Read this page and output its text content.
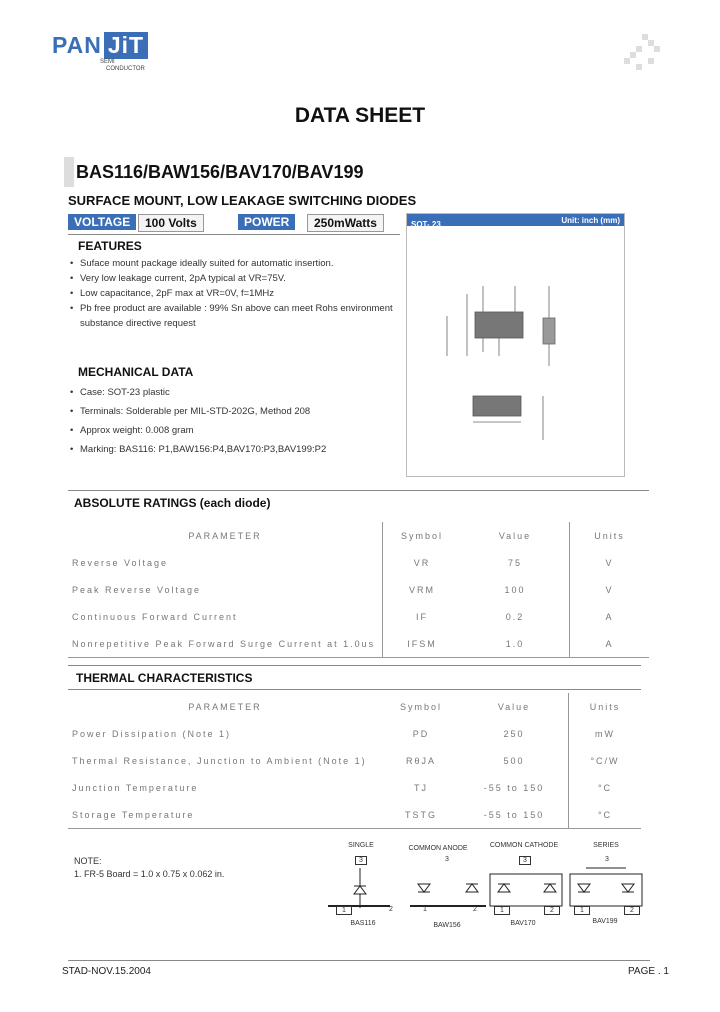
PAN JiT
SEMI
CONDUCTOR
DATA SHEET
BAS116/BAW156/BAV170/BAV199
SURFACE MOUNT, LOW LEAKAGE SWITCHING DIODES
VOLTAGE	100 Volts	POWER	250mWatts
FEATURES
• Suface mount package ideally suited for automatic insertion.
• Very low leakage current, 2pA typical at VR=75V.
• Low capacitance, 2pF max at VR=0V, f=1MHz
• Pb free product are available : 99% Sn above can meet Rohs environment substance directive request
MECHANICAL DATA
• Case: SOT-23 plastic
• Terminals: Solderable per MIL-STD-202G, Method 208
• Approx weight: 0.008 gram
• Marking: BAS116: P1,BAW156:P4,BAV170:P3,BAV199:P2
SOT- 23	Unit: inch (mm)
ABSOLUTE RATINGS (each diode)
PARAMETER	Symbol	Value	Units
Reverse Voltage	VR	75	V
Peak Reverse Voltage	VRM	100	V
Continuous Forward Current	IF	0.2	A
Nonrepetitive Peak Forward Surge Current at 1.0us	IFSM	1.0	A
THERMAL CHARACTERISTICS
PARAMETER	Symbol	Value	Units
Power Dissipation (Note 1)	PD	250	mW
Thermal Resistance, Junction to Ambient (Note 1)	RθJA	500	°C/W
Junction Temperature	TJ	-55 to 150	°C
Storage Temperature	TSTG	-55 to 150	°C
NOTE:
1. FR-5 Board = 1.0 x 0.75 x 0.062 in.
SINGLE	COMMON ANODE	COMMON CATHODE	SERIES
3	3	3	3
1	2	1	2	1	2	1	2
BAS116	BAW156	BAV170	BAV199
STAD-NOV.15.2004	PAGE . 1
